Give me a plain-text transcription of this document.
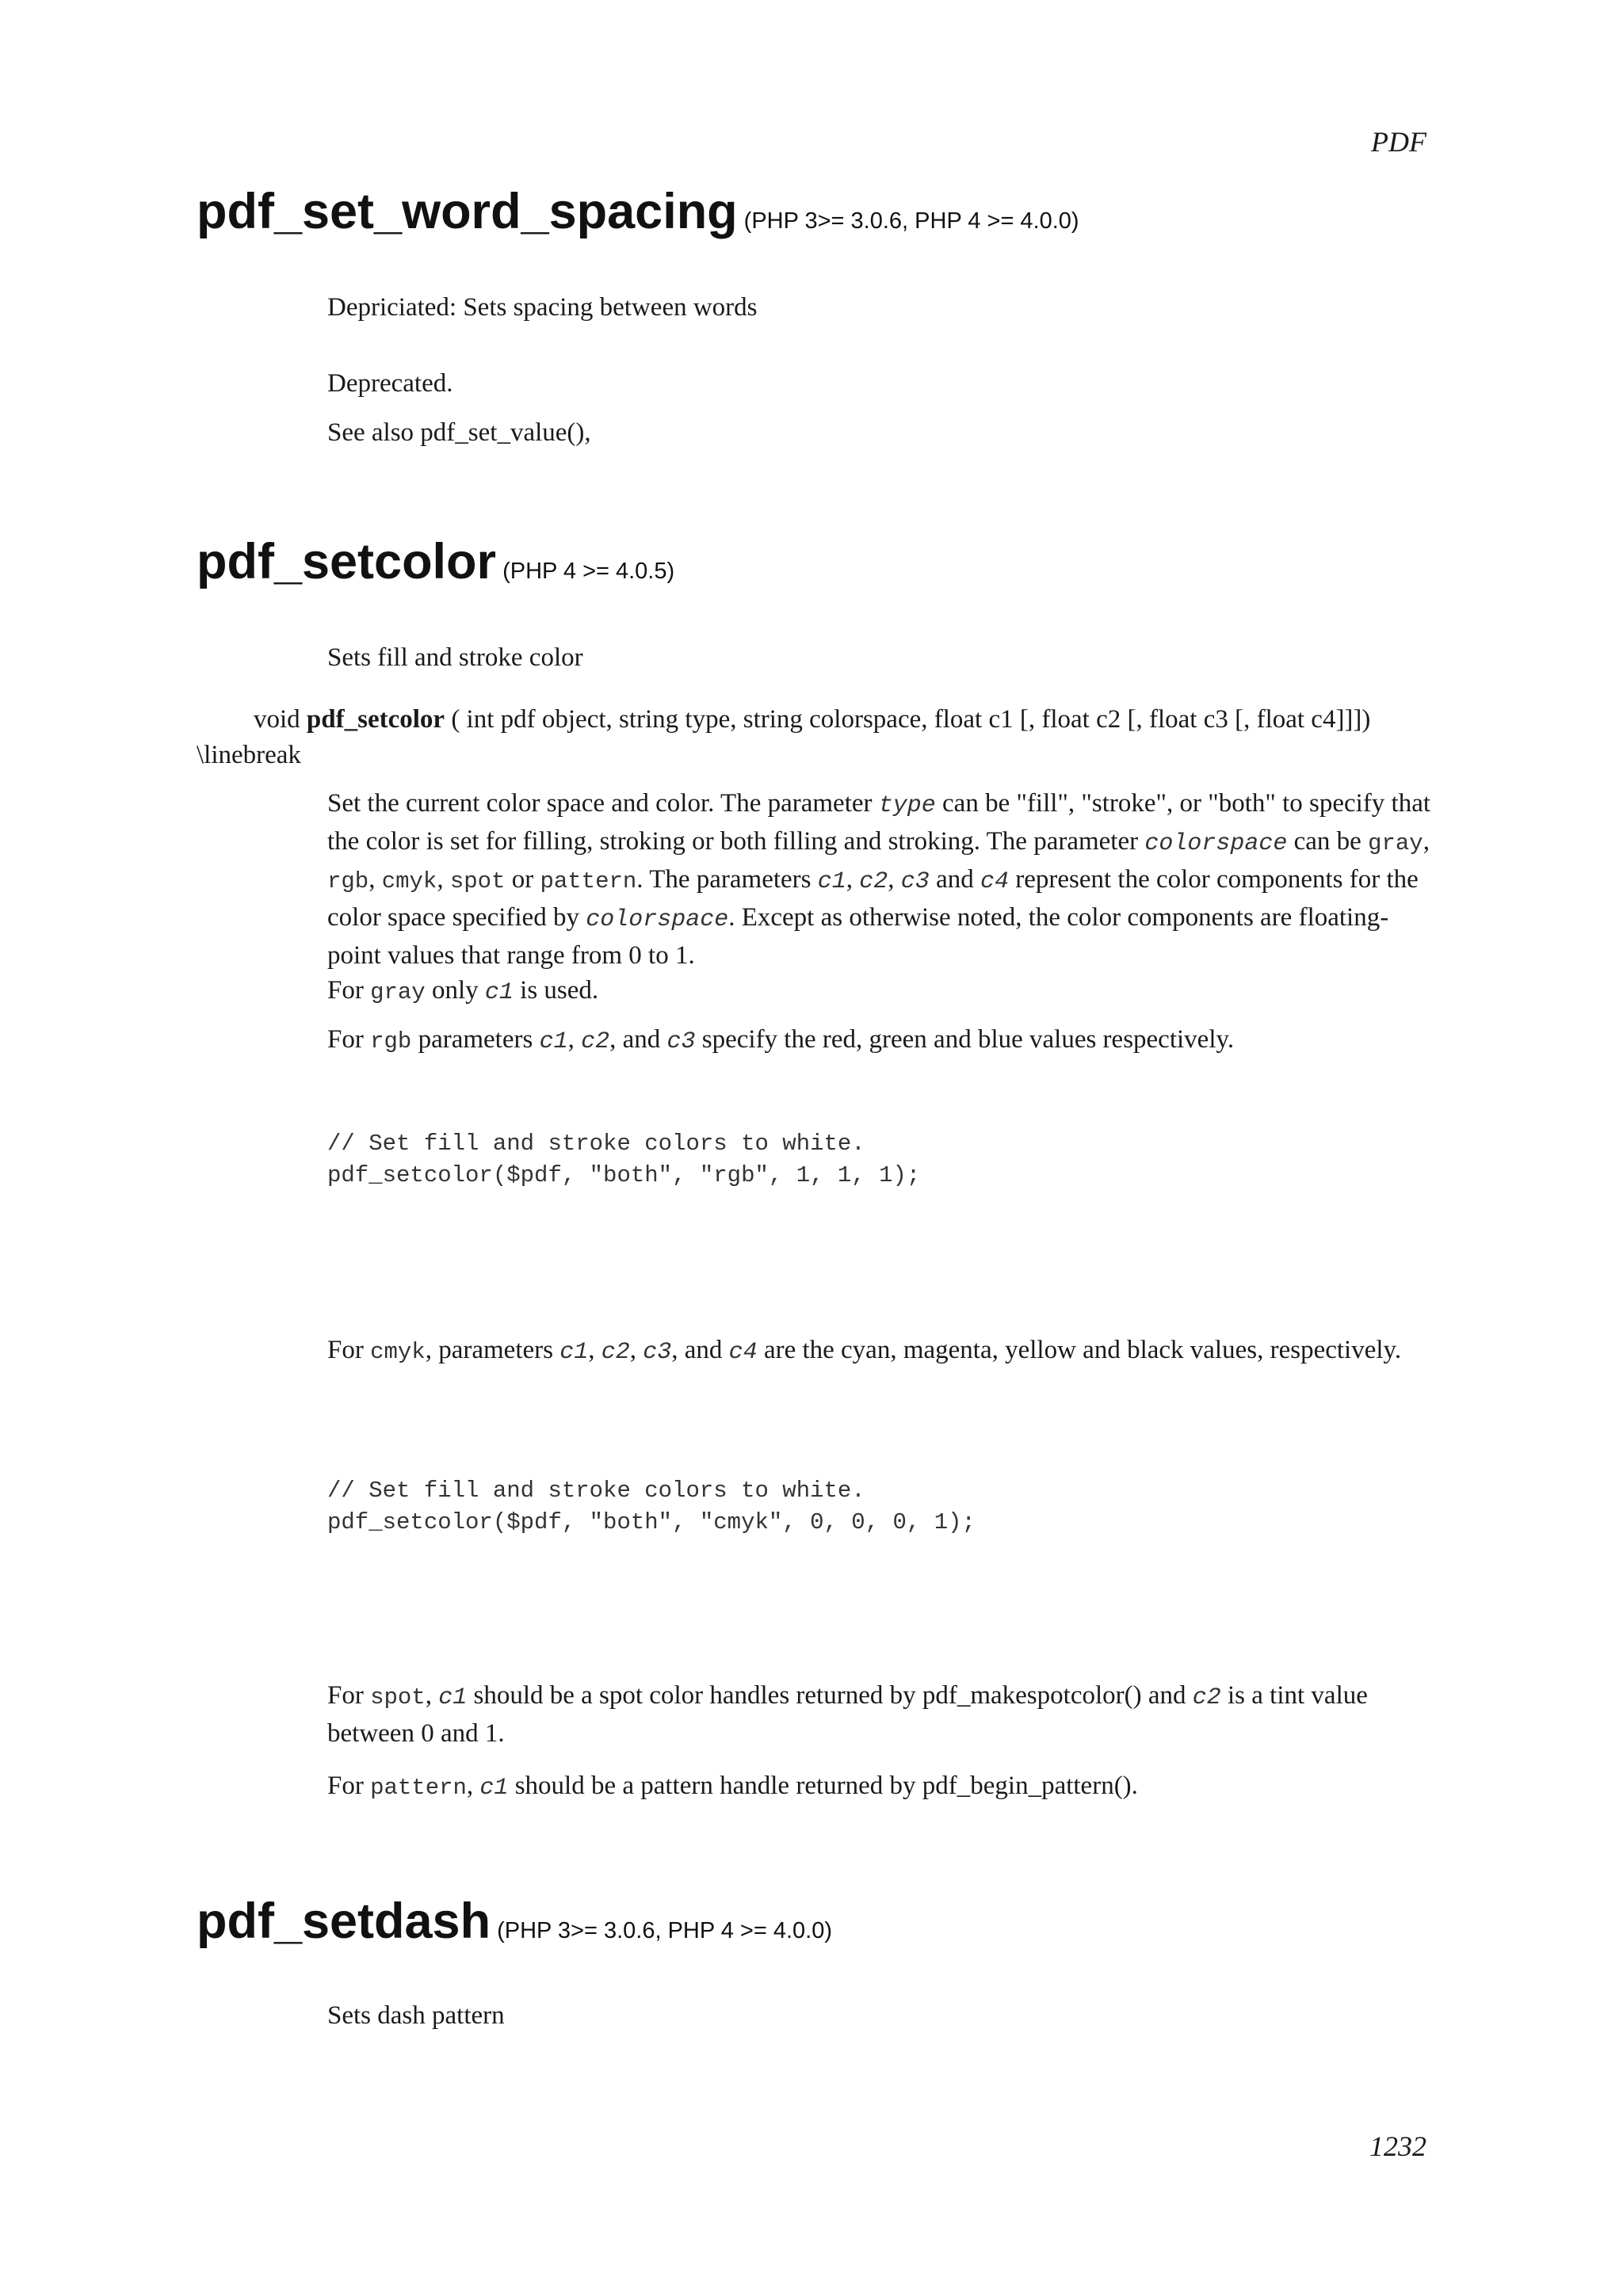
PDF
pdf_set_word_spacing (PHP 3>= 3.0.6, PHP 4 >= 4.0.0)
Depriciated: Sets spacing between words
Deprecated.
See also pdf_set_value(),
pdf_setcolor (PHP 4 >= 4.0.5)
Sets fill and stroke color
void pdf_setcolor ( int pdf object, string type, string colorspace, float c1 [, float c2 [, float c3 [, float c4]]]) \linebreak
Set the current color space and color. The parameter type can be "fill", "stroke", or "both" to specify that the color is set for filling, stroking or both filling and stroking. The parameter colorspace can be gray, rgb, cmyk, spot or pattern. The parameters c1, c2, c3 and c4 represent the color components for the color space specified by colorspace. Except as otherwise noted, the color components are floating-point values that range from 0 to 1.
For gray only c1 is used.
For rgb parameters c1, c2, and c3 specify the red, green and blue values respectively.
// Set fill and stroke colors to white.
pdf_setcolor($pdf, "both", "rgb", 1, 1, 1);
For cmyk, parameters c1, c2, c3, and c4 are the cyan, magenta, yellow and black values, respectively.
// Set fill and stroke colors to white.
pdf_setcolor($pdf, "both", "cmyk", 0, 0, 0, 1);
For spot, c1 should be a spot color handles returned by pdf_makespotcolor() and c2 is a tint value between 0 and 1.
For pattern, c1 should be a pattern handle returned by pdf_begin_pattern().
pdf_setdash (PHP 3>= 3.0.6, PHP 4 >= 4.0.0)
Sets dash pattern
1232
